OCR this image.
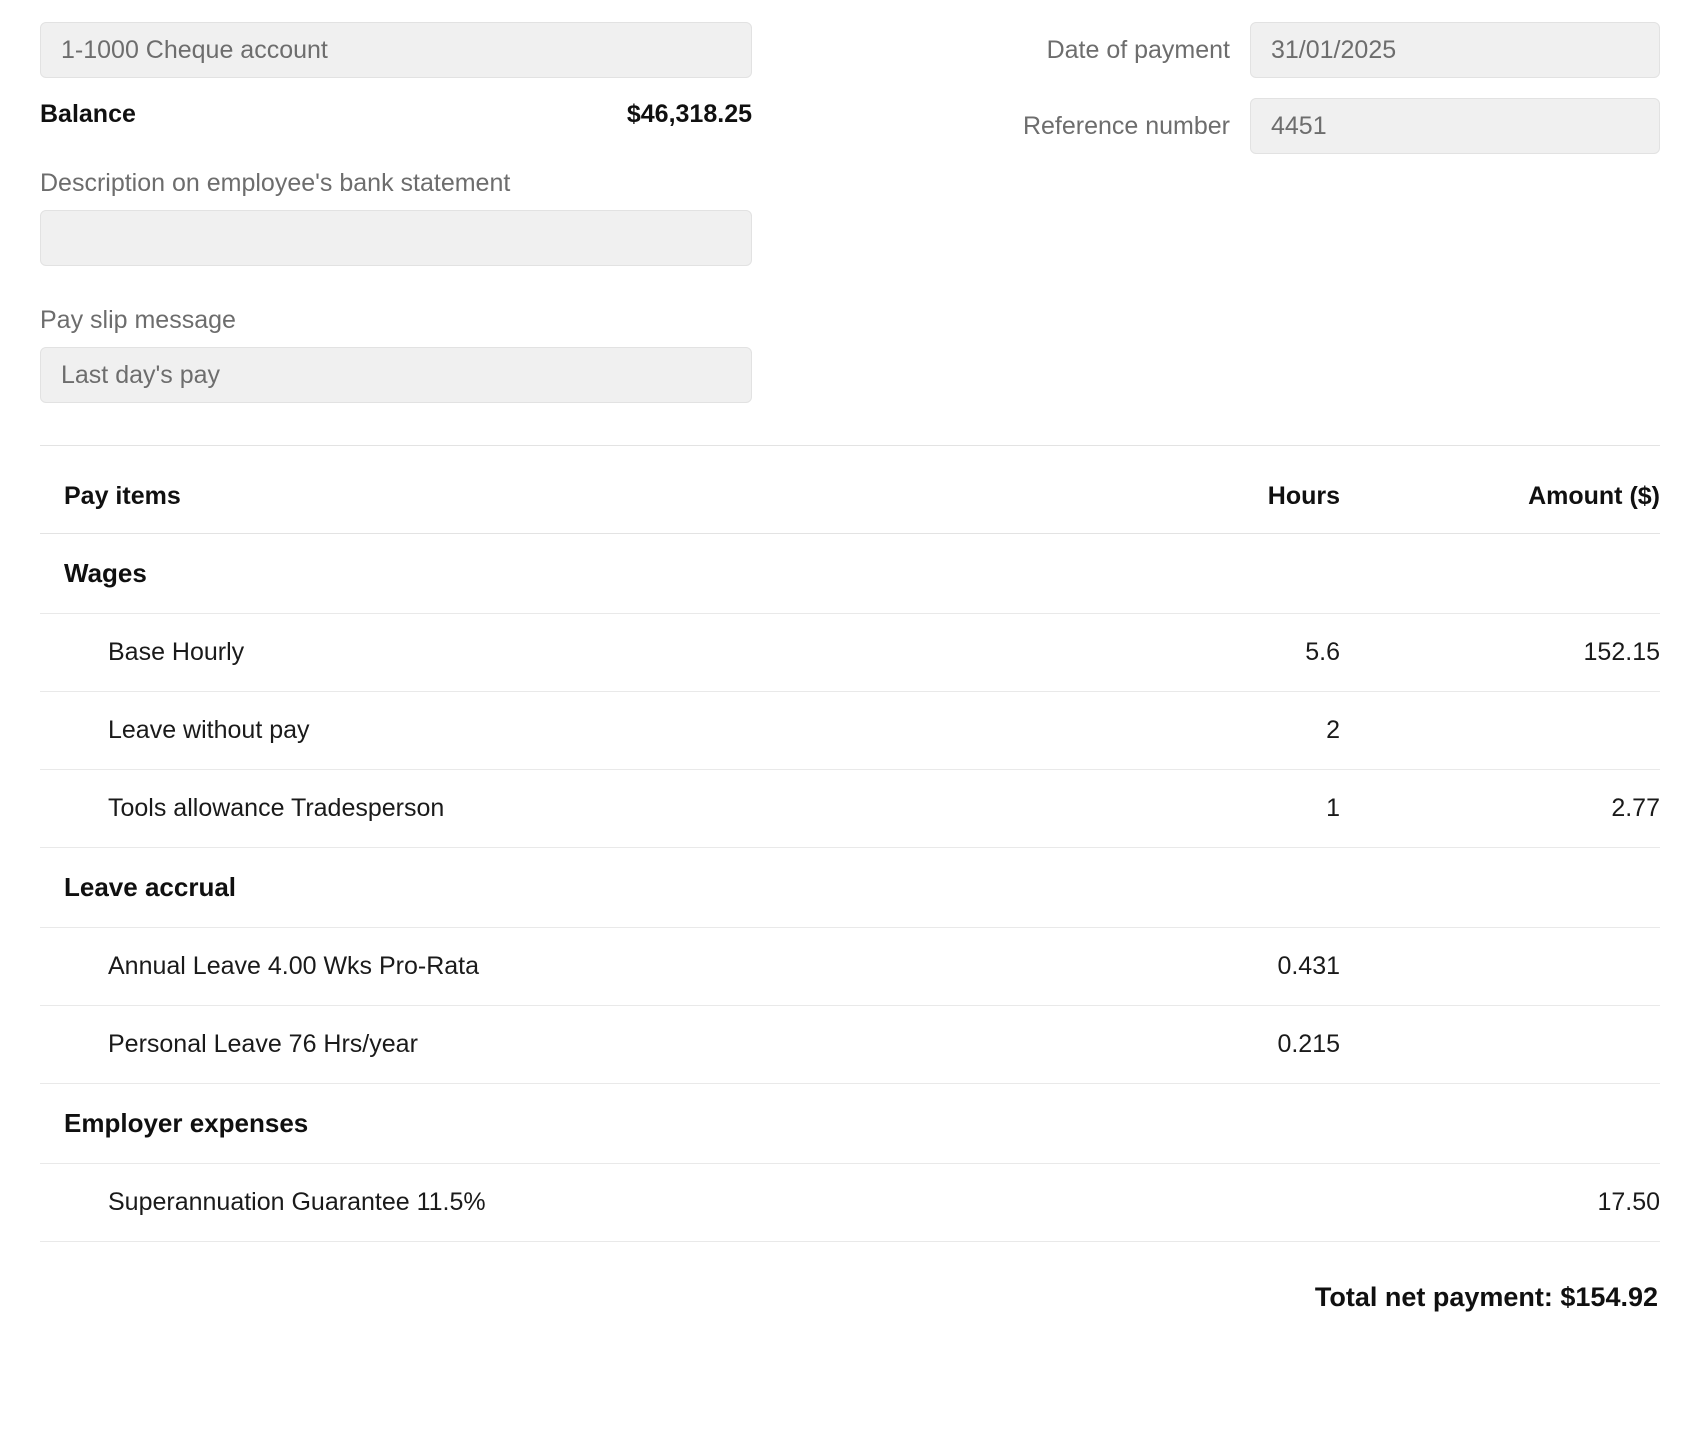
1-1000 Cheque account
Balance	$46,318.25
Description on employee's bank statement
Pay slip message
Last day's pay
Date of payment 31/01/2025
Reference number 4451
Pay items	Hours	Amount ($)
Wages		
Base Hourly	5.6	152.15
Leave without pay	2	
Tools allowance Tradesperson	1	2.77
Leave accrual		
Annual Leave 4.00 Wks Pro-Rata	0.431	
Personal Leave 76 Hrs/year	0.215	
Employer expenses		
Superannuation Guarantee 11.5%		17.50
Total net payment: $154.92
